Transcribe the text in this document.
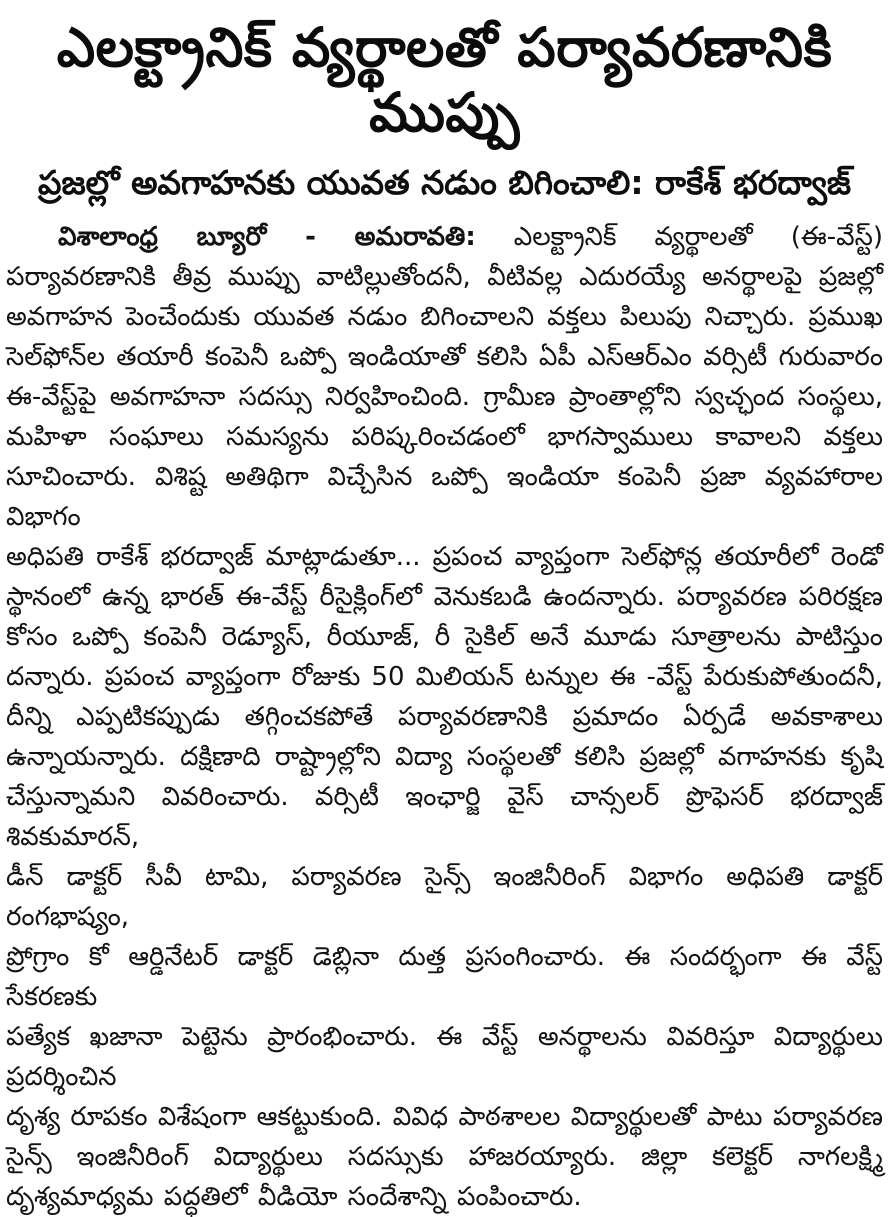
ఎలక్ట్రానిక్ వ్యర్థాలతో పర్యావరణానికి ముప్పు
ప్రజల్లో అవగాహనకు యువత నడుం బిగించాలి: రాకేశ్ భరద్వాజ్
విశాలాంధ్ర బ్యూరో - అమరావతి: ఎలక్ట్రానిక్ వ్యర్థాలతో (ఈ-వేస్ట్)
పర్యావరణానికి తీవ్ర ముప్పు వాటిల్లుతోందనీ, వీటివల్ల ఎదురయ్యే అనర్థాలపై ప్రజల్లో
అవగాహన పెంచేందుకు యువత నడుం బిగించాలని వక్తలు పిలుపు నిచ్చారు. ప్రముఖ
సెల్‌ఫోన్‌ల తయారీ కంపెనీ ఒప్పో ఇండియాతో కలిసి ఏపీ ఎస్ఆర్ఎం వర్సిటీ గురువారం
ఈ-వేస్ట్‌పై అవగాహనా సదస్సు నిర్వహించింది. గ్రామీణ ప్రాంతాల్లోని స్వచ్ఛంద సంస్థలు,
మహిళా సంఘాలు సమస్యను పరిష్కరించడంలో భాగస్వాములు కావాలని వక్తలు
సూచించారు. విశిష్ట అతిథిగా విచ్చేసిన ఒప్పో ఇండియా కంపెనీ ప్రజా వ్యవహారాల విభాగం
అధిపతి రాకేశ్ భరద్వాజ్ మాట్లాడుతూ... ప్రపంచ వ్యాప్తంగా సెల్‌ఫోన్ల తయారీలో రెండో
స్థానంలో ఉన్న భారత్ ఈ-వేస్ట్ రీసైక్లింగ్‌లో వెనుకబడి ఉందన్నారు. పర్యావరణ పరిరక్షణ
కోసం ఒప్పో కంపెనీ రెడ్యూస్, రీయూజ్, రీ సైకిల్ అనే మూడు సూత్రాలను పాటిస్తుం
దన్నారు. ప్రపంచ వ్యాప్తంగా రోజుకు 50 మిలియన్ టన్నుల ఈ -వేస్ట్ పేరుకుపోతుందనీ,
దీన్ని ఎప్పటికప్పుడు తగ్గించకపోతే పర్యావరణానికి ప్రమాదం ఏర్పడే అవకాశాలు
ఉన్నాయన్నారు. దక్షిణాది రాష్ట్రాల్లోని విద్యా సంస్థలతో కలిసి ప్రజల్లో వగాహనకు కృషి
చేస్తున్నామని వివరించారు. వర్సిటీ ఇంఛార్జి వైస్ చాన్సలర్ ప్రొఫెసర్ భరద్వాజ్ శివకుమారన్,
డీన్ డాక్టర్ సీవీ టామి, పర్యావరణ సైన్స్ ఇంజినీరింగ్ విభాగం అధిపతి డాక్టర్ రంగభాష్యం,
ప్రోగ్రాం కో ఆర్డినేటర్ డాక్టర్ డెబ్లినా దుత్త ప్రసంగించారు. ఈ సందర్భంగా ఈ వేస్ట్ సేకరణకు
పత్యేక ఖజానా పెట్టెను ప్రారంభించారు. ఈ వేస్ట్ అనర్థాలను వివరిస్తూ విద్యార్థులు ప్రదర్శించిన
దృశ్య రూపకం విశేషంగా ఆకట్టుకుంది. వివిధ పాఠశాలల విద్యార్థులతో పాటు పర్యావరణ
సైన్స్ ఇంజినీరింగ్ విద్యార్థులు సదస్సుకు హాజరయ్యారు. జిల్లా కలెక్టర్ నాగలక్ష్మి
దృశ్యమాధ్యమ పద్ధతిలో వీడియో సందేశాన్ని పంపించారు.
